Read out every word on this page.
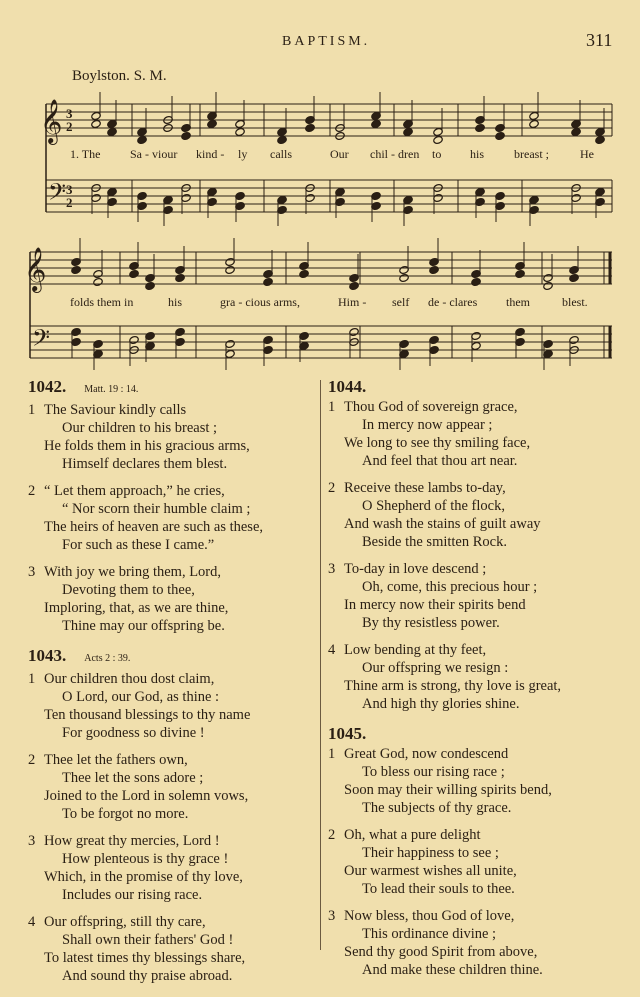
BAPTISM.	311
Boylston. S. M.
𝄞
𝄢
3
2
3
2
𝄞
𝄢
1. The Sa - viour kind - ly calls	Our chil - dren to his breast ;	He
folds them in	his	gra - cious arms,	Him - self de - clares them	blest.
1042. Matt. 19 : 14.
1 The Saviour kindly calls
Our children to his breast ;
He folds them in his gracious arms,
Himself declares them blest.
2 “ Let them approach,” he cries,
“ Nor scorn their humble claim ;
The heirs of heaven are such as these,
For such as these I came.”
3 With joy we bring them, Lord,
Devoting them to thee,
Imploring, that, as we are thine,
Thine may our offspring be.
1043. Acts 2 : 39.
1 Our children thou dost claim,
O Lord, our God, as thine :
Ten thousand blessings to thy name
For goodness so divine !
2 Thee let the fathers own,
Thee let the sons adore ;
Joined to the Lord in solemn vows,
To be forgot no more.
3 How great thy mercies, Lord !
How plenteous is thy grace !
Which, in the promise of thy love,
Includes our rising race.
4 Our offspring, still thy care,
Shall own their fathers' God !
To latest times thy blessings share,
And sound thy praise abroad.
1044.
1 Thou God of sovereign grace,
In mercy now appear ;
We long to see thy smiling face,
And feel that thou art near.
2 Receive these lambs to-day,
O Shepherd of the flock,
And wash the stains of guilt away
Beside the smitten Rock.
3 To-day in love descend ;
Oh, come, this precious hour ;
In mercy now their spirits bend
By thy resistless power.
4 Low bending at thy feet,
Our offspring we resign :
Thine arm is strong, thy love is great,
And high thy glories shine.
1045.
1 Great God, now condescend
To bless our rising race ;
Soon may their willing spirits bend,
The subjects of thy grace.
2 Oh, what a pure delight
Their happiness to see ;
Our warmest wishes all unite,
To lead their souls to thee.
3 Now bless, thou God of love,
This ordinance divine ;
Send thy good Spirit from above,
And make these children thine.
